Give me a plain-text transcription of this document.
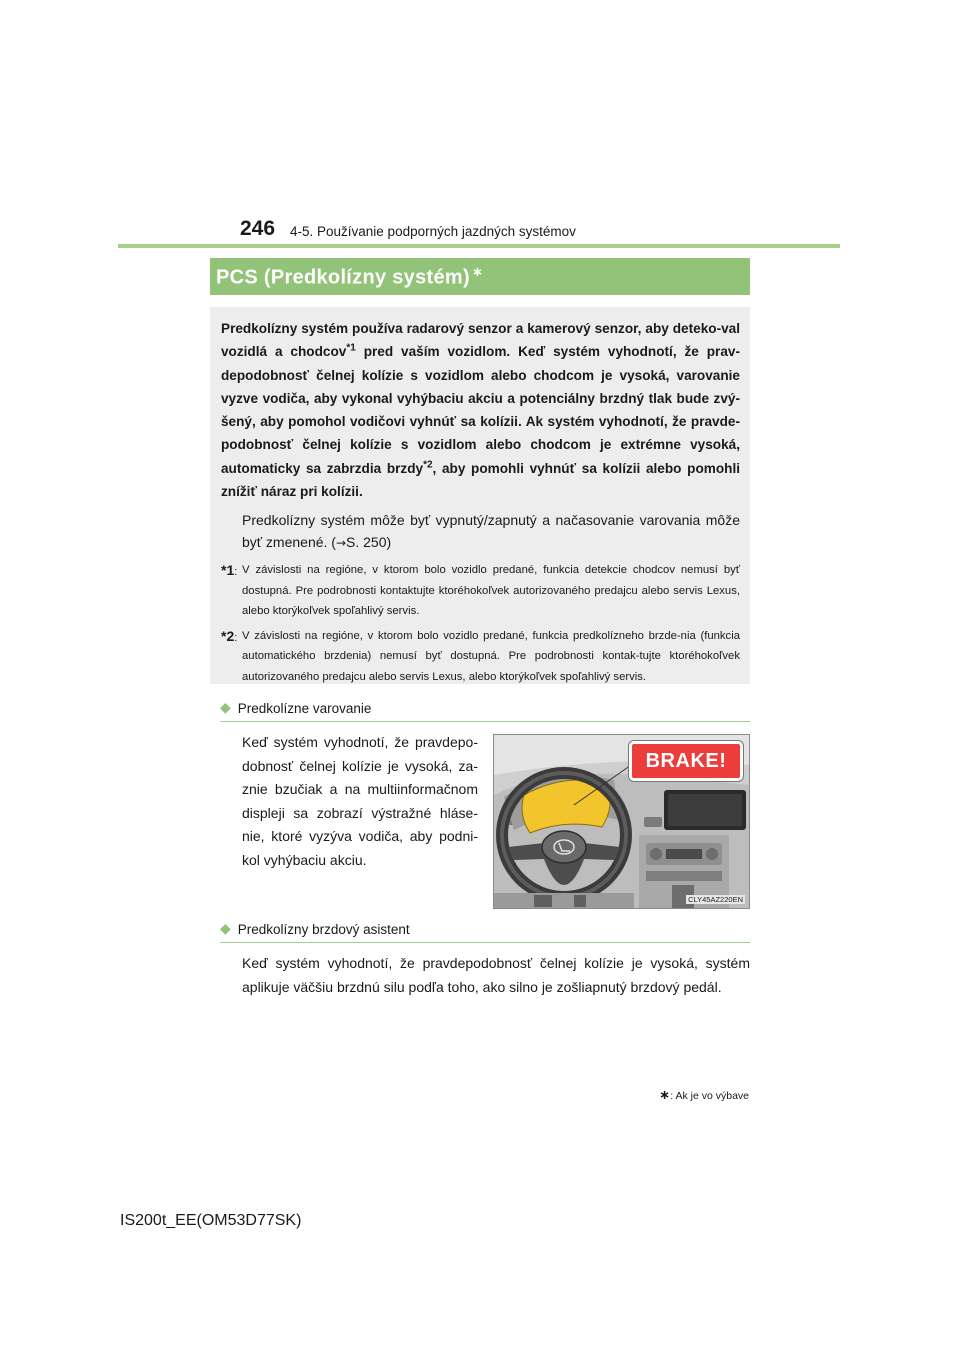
246 4-5. Používanie podporných jazdných systémov
PCS (Predkolízny systém) ∗

Predkolízny systém používa radarový senzor a kamerový senzor, aby deteko-val vozidlá a chodcov$^{*1}$ pred vaším vozidlom. Keď systém vyhodnotí, že prav-depodobnosť čelnej kolízie s vozidlom alebo chodcom je vysoká, varovanie vyzve vodiča, aby vykonal vyhýbaciu akciu a potenciálny brzdný tlak bude zvý-šený, aby pomohol vodičovi vyhnúť sa kolízii. Ak systém vyhodnotí, že pravde-podobnosť čelnej kolízie s vozidlom alebo chodcom je extrémne vysoká, automaticky sa zabrzdia brzdy$^{*2}$, aby pomohli vyhnúť sa kolízii alebo pomohli znížiť náraz pri kolízii.

Predkolízny systém môže byť vypnutý/zapnutý a načasovanie varovania môže byť zmenené. (→S. 250)

*1: V závislosti na regióne, v ktorom bolo vozidlo predané, funkcia detekcie chodcov nemusí byť dostupná. Pre podrobnosti kontaktujte ktoréhokoľvek autorizovaného predajcu alebo servis Lexus, alebo ktorýkoľvek spoľahlivý servis.
*2: V závislosti na regióne, v ktorom bolo vozidlo predané, funkcia predkolízneho brzde-nia (funkcia automatického brzdenia) nemusí byť dostupná. Pre podrobnosti kontak-tujte ktoréhokoľvek autorizovaného predajcu alebo servis Lexus, alebo ktorýkoľvek spoľahlivý servis.
◆ Predkolízne varovanie
Keď systém vyhodnotí, že pravdepo-dobnosť čelnej kolízie je vysoká, za-znie bzučiak a na multiinformačnom displeji sa zobrazí výstražné hláse-nie, ktoré vyzýva vodiča, aby podni-kol vyhýbaciu akciu.
BRAKE!
CLY45AZ220EN
◆ Predkolízny brzdový asistent
Keď systém vyhodnotí, že pravdepodobnosť čelnej kolízie je vysoká, systém aplikuje väčšiu brzdnú silu podľa toho, ako silno je zošliapnutý brzdový pedál.
∗: Ak je vo výbave
IS200t_EE(OM53D77SK)
